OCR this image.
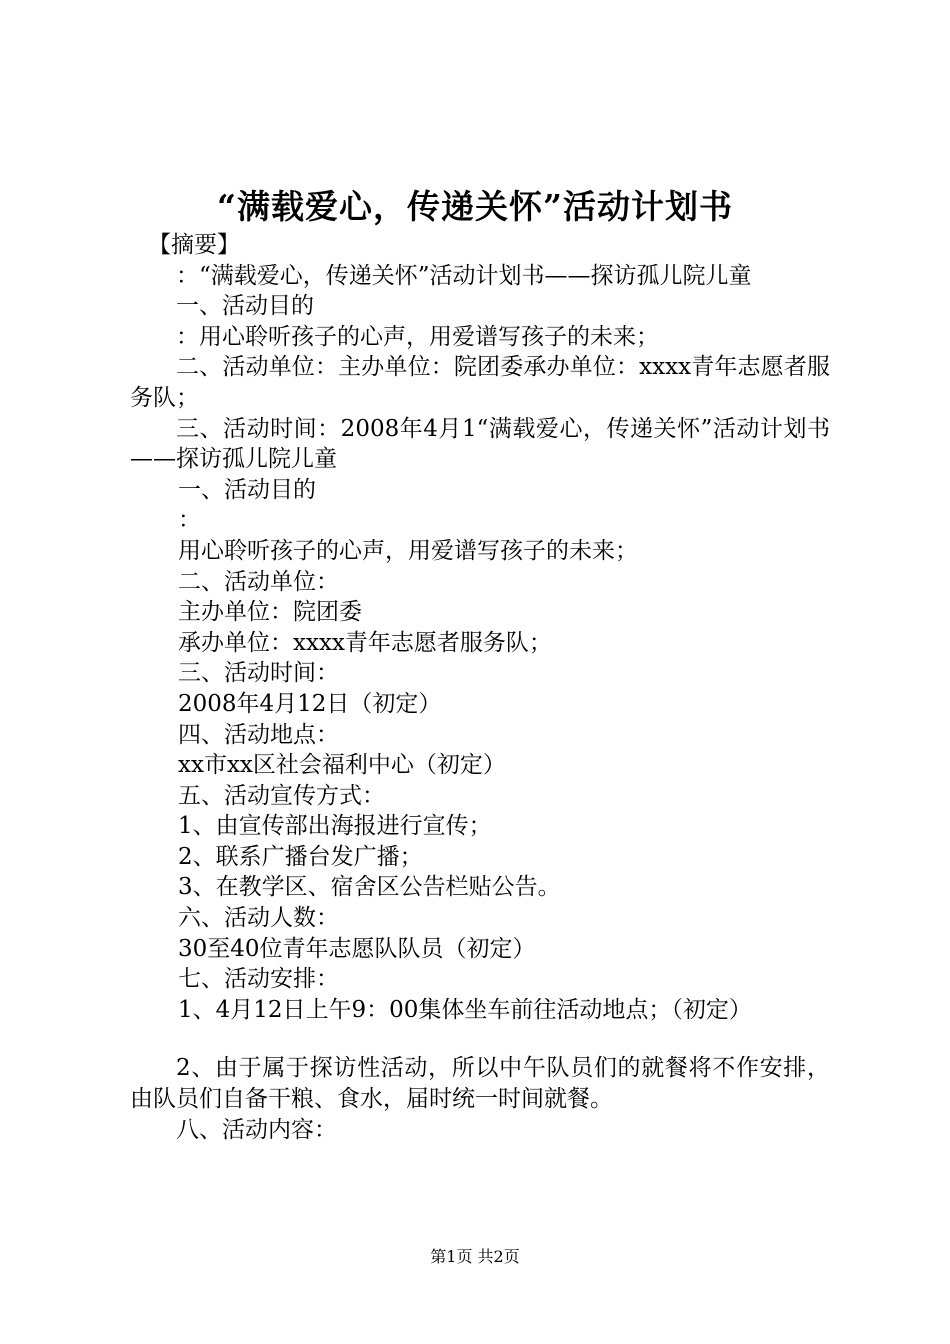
“满载爱心，传递关怀”活动计划书

【摘要】

：“满载爱心，传递关怀”活动计划书——探访孤儿院儿童

一、活动目的

：用心聆听孩子的心声，用爱谱写孩子的未来；

二、活动单位：主办单位：院团委承办单位：xxxx青年志愿者服务队；

三、活动时间：2008年4月1“满载爱心，传递关怀”活动计划书——探访孤儿院儿童

一、活动目的

：

用心聆听孩子的心声，用爱谱写孩子的未来；

二、活动单位：

主办单位：院团委

承办单位：xxxx青年志愿者服务队；

三、活动时间：

2008年4月12日（初定）

四、活动地点：

xx市xx区社会福利中心（初定）

五、活动宣传方式：

1、由宣传部出海报进行宣传；

2、联系广播台发广播；

3、在教学区、宿舍区公告栏贴公告。

六、活动人数：

30至40位青年志愿队队员（初定）

七、活动安排：

1、4月12日上午9：00集体坐车前往活动地点；（初定）

2、由于属于探访性活动，所以中午队员们的就餐将不作安排，由队员们自备干粮、食水，届时统一时间就餐。

八、活动内容：

第1页 共2页
